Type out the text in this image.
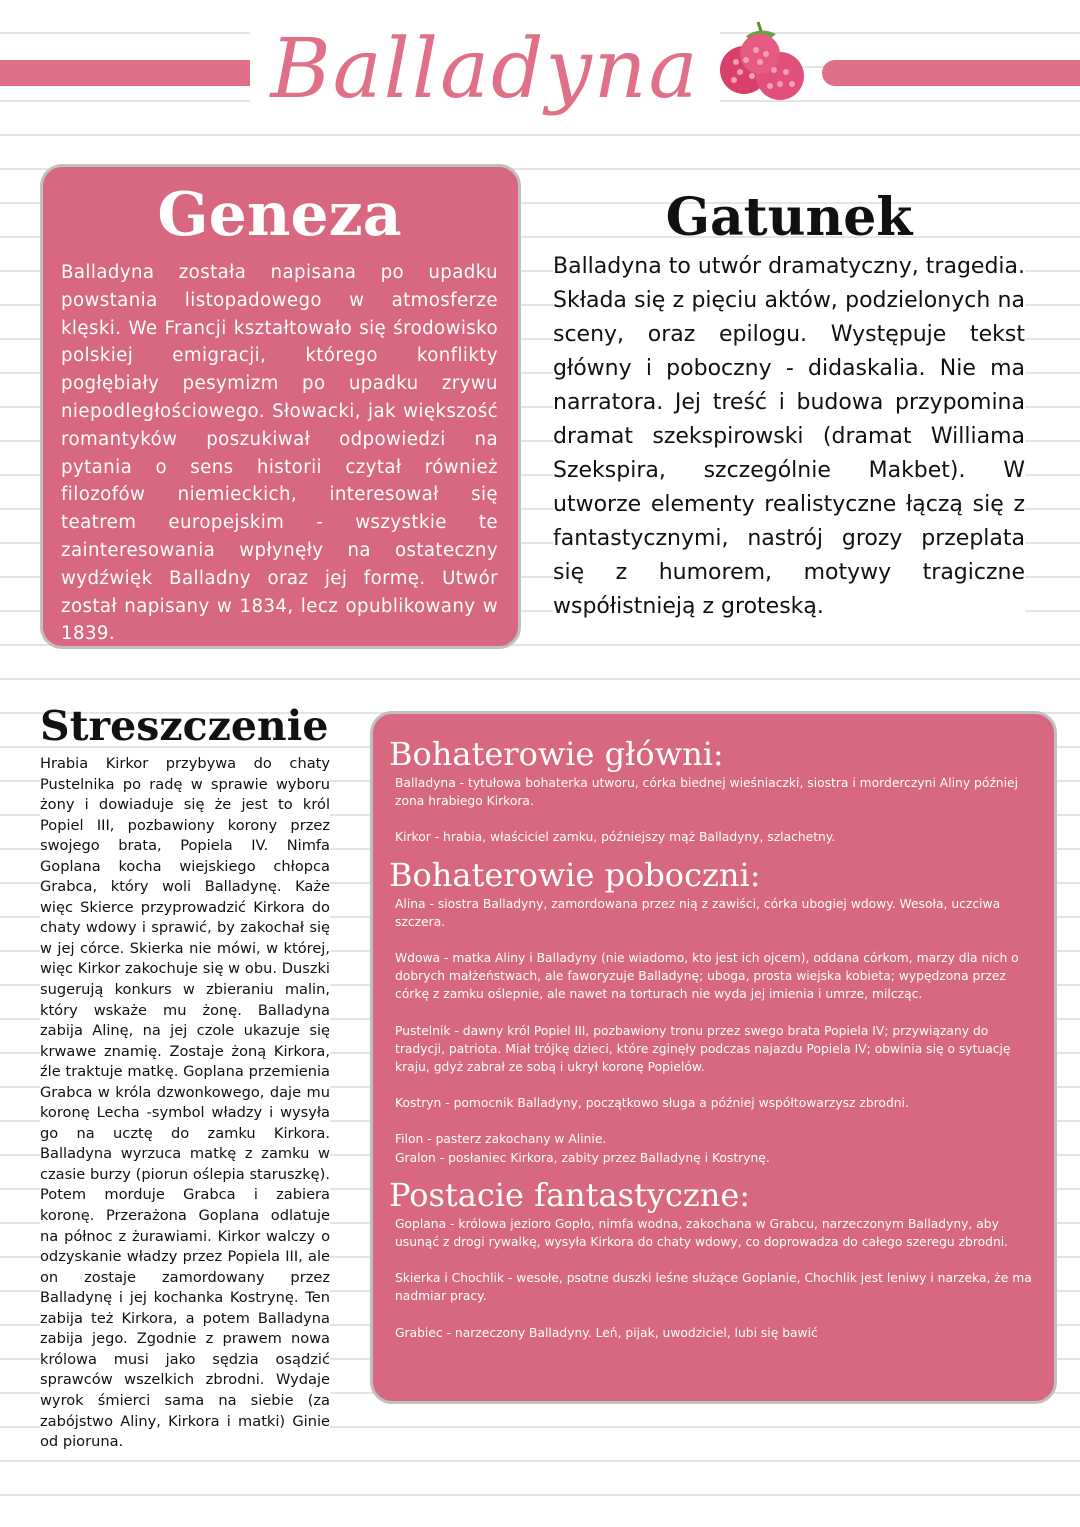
Balladyna
Geneza

Balladyna została napisana po upadku powstania listopadowego w atmosferze klęski. We Francji kształtowało się środowisko polskiej emigracji, którego konflikty pogłębiały pesymizm po upadku zrywu niepodległościowego. Słowacki, jak większość romantyków poszukiwał odpowiedzi na pytania o sens historii czytał również filozofów niemieckich, interesował się teatrem europejskim - wszystkie te zainteresowania wpłynęły na ostateczny wydźwięk Balladny oraz jej formę. Utwór został napisany w 1834, lecz opublikowany w 1839.

Gatunek

Balladyna to utwór dramatyczny, tragedia. Składa się z pięciu aktów, podzielonych na sceny, oraz epilogu. Występuje tekst główny i poboczny - didaskalia. Nie ma narratora. Jej treść i budowa przypomina dramat szekspirowski (dramat Williama Szekspira, szczególnie Makbet). W utworze elementy realistyczne łączą się z fantastycznymi, nastrój grozy przeplata się z humorem, motywy tragiczne współistnieją z groteską.

Streszczenie

Hrabia Kirkor przybywa do chaty Pustelnika po radę w sprawie wyboru żony i dowiaduje się że jest to król Popiel III, pozbawiony korony przez swojego brata, Popiela IV. Nimfa Goplana kocha wiejskiego chłopca Grabca, który woli Balladynę. Każe więc Skierce przyprowadzić Kirkora do chaty wdowy i sprawić, by zakochał się w jej córce. Skierka nie mówi, w której, więc Kirkor zakochuje się w obu. Duszki sugerują konkurs w zbieraniu malin, który wskaże mu żonę. Balladyna zabija Alinę, na jej czole ukazuje się krwawe znamię. Zostaje żoną Kirkora, źle traktuje matkę. Goplana przemienia Grabca w króla dzwonkowego, daje mu koronę Lecha -symbol władzy i wysyła go na ucztę do zamku Kirkora. Balladyna wyrzuca matkę z zamku w czasie burzy (piorun oślepia staruszkę). Potem morduje Grabca i zabiera koronę. Przerażona Goplana odlatuje na północ z żurawiami. Kirkor walczy o odzyskanie władzy przez Popiela III, ale on zostaje zamordowany przez Balladynę i jej kochanka Kostrynę. Ten zabija też Kirkora, a potem Balladyna zabija jego. Zgodnie z prawem nowa królowa musi jako sędzia osądzić sprawców wszelkich zbrodni. Wydaje wyrok śmierci sama na siebie (za zabójstwo Aliny, Kirkora i matki) Ginie od pioruna.

Bohaterowie główni:

Balladyna - tytułowa bohaterka utworu, córka biednej wieśniaczki, siostra i morderczyni Aliny później zona hrabiego Kirkora.

Kirkor - hrabia, właściciel zamku, późniejszy mąż Balladyny, szlachetny.

Bohaterowie poboczni:

Alina - siostra Balladyny, zamordowana przez nią z zawiści, córka ubogiej wdowy. Wesoła, uczciwa szczera.

Wdowa - matka Aliny i Balladyny (nie wiadomo, kto jest ich ojcem), oddana córkom, marzy dla nich o dobrych małżeństwach, ale faworyzuje Balladynę; uboga, prosta wiejska kobieta; wypędzona przez córkę z zamku oślepnie, ale nawet na torturach nie wyda jej imienia i umrze, milcząc.

Pustelnik - dawny król Popiel III, pozbawiony tronu przez swego brata Popiela IV; przywiązany do tradycji, patriota. Miał trójkę dzieci, które zginęły podczas najazdu Popiela IV; obwinia się o sytuację kraju, gdyż zabrał ze sobą i ukrył koronę Popielów.

Kostryn - pomocnik Balladyny, początkowo sługa a później współtowarzysz zbrodni.

Filon - pasterz zakochany w Alinie.

Gralon - posłaniec Kirkora, zabity przez Balladynę i Kostrynę.

Postacie fantastyczne:

Goplana - królowa jezioro Gopło, nimfa wodna, zakochana w Grabcu, narzeczonym Balladyny, aby usunąć z drogi rywalkę, wysyła Kirkora do chaty wdowy, co doprowadza do całego szeregu zbrodni.

Skierka i Chochlik - wesołe, psotne duszki leśne służące Goplanie, Chochlik jest leniwy i narzeka, że ma nadmiar pracy.

Grabiec - narzeczony Balladyny. Leń, pijak, uwodziciel, lubi się bawić
